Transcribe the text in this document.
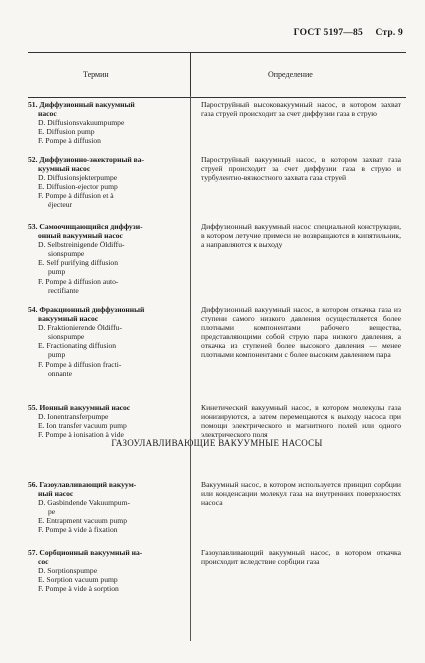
ГОСТ 5197—85 Стр. 9
Термин	Определение
ГАЗОУЛАВЛИВАЮЩИЕ ВАКУУМНЫЕ НАСОСЫ
51. Диффузионный вакуумный
насос
D. Diffusionsvakuumpumpe
E. Diffusion pump
F. Pompe à diffusion
Пароструйный высоковакуумный насос, в котором захват газа струей происходит за счет диффузии газа в струю
52. Диффузионно-эжекторный ва-
куумный насос
D. Diffusionsjekterpumpe
E. Diffusion-ejector pump
F. Pompe à diffusion et à
éjecteur
Пароструйный вакуумный насос, в котором захват газа струей происходит за счет диффузии газа в струю и турбулентно-вязкостного захвата газа струей
53. Самоочищающийся диффузи-
онный вакуумный насос
D. Selbstreinigende Öldiffu-
sionspumpe
E. Self purifying diffusion
pump
F. Pompe à diffusion auto-
rectifiante
Диффузионный вакуумный насос специальной конструкции, в котором летучие примеси не возвращаются в кипятильник, а направляются к выходу
54. Фракционный диффузионный
вакуумный насос
D. Fraktionierende Öldiffu-
sionspumpe
E. Fractionating diffusion
pump
F. Pompe à diffusion fracti-
onnante
Диффузионный вакуумный насос, в котором откачка газа из ступени самого низкого давления осуществляется более плотными компонентами рабочего вещества, представляющими собой струю пара низкого давления, а откачка из ступеней более высокого давления — менее плотными компонентами с более высоким давлением пара
55. Ионный вакуумный насос
D. Ionentransferpumpe
E. Ion transfer vacuum pump
F. Pompe à ionisation à vide
Кинетический вакуумный насос, в котором молекулы газа ионизируются, а затем перемещаются к выходу насоса при помощи электрического и магнитного полей или одного электрического поля
56. Газоулавливающий вакуум-
ный насос
D. Gasbindende Vakuumpum-
pe
E. Entrapment vacuum pump
F. Pompe à vide à fixation
Вакуумный насос, в котором используется принцип сорбции или конденсации молекул газа на внутренних поверхностях насоса
57. Сорбционный вакуумный на-
сос
D. Sorptionspumpe
E. Sorption vacuum pump
F. Pompe à vide à sorption
Газоулавливающий вакуумный насос, в котором откачка происходит вследствие сорбции газа
